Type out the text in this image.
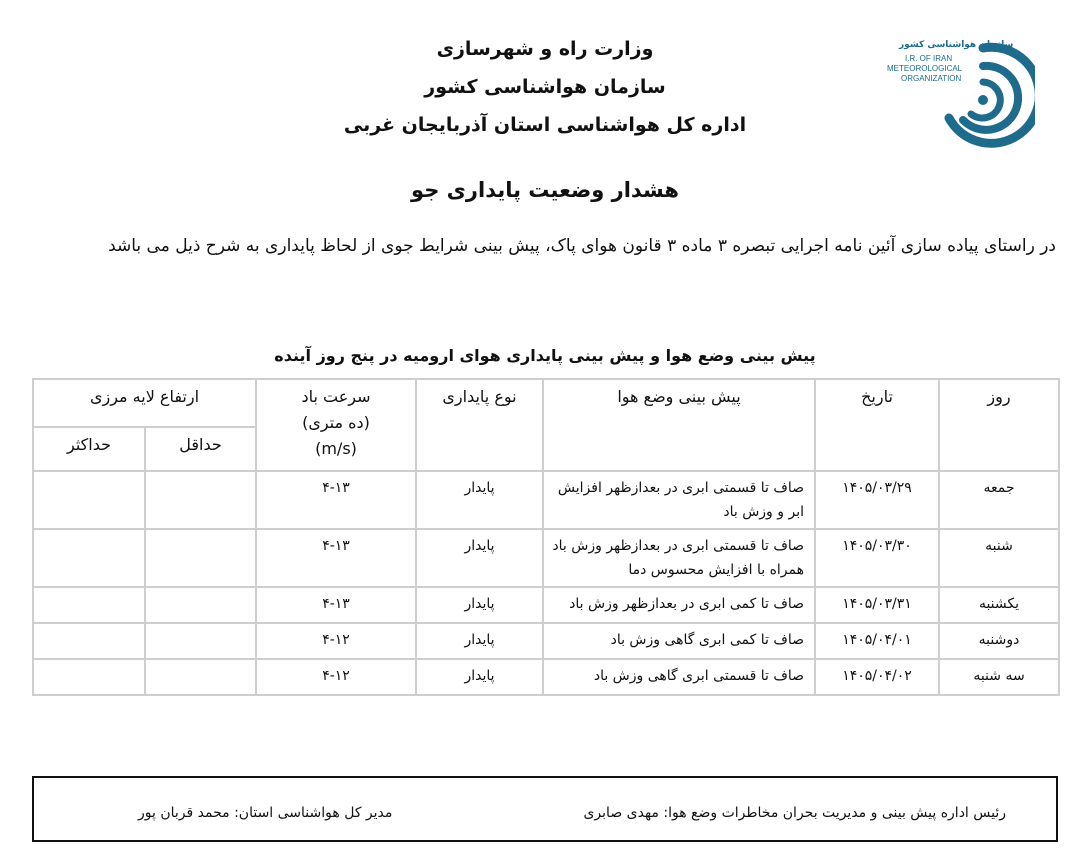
وزارت راه و شهرسازی
سازمان هواشناسی کشور
اداره کل هواشناسی استان آذربایجان غربی
سازمان هواشناسی کشور
I.R. OF IRAN
METEOROLOGICAL
ORGANIZATION
هشدار وضعیت پایداری جو
در راستای پیاده سازی آئین نامه اجرایی تبصره ۳ ماده ۳ قانون هوای پاک، پیش بینی شرایط جوی از لحاظ پایداری به شرح ذیل می باشد
پیش بینی وضع هوا و پیش بینی پایداری هوای ارومیه در پنج روز آینده
روز	تاریخ	پیش بینی وضع هوا	نوع پایداری	سرعت باد
(ده متری)
(m/s)	ارتفاع لایه مرزی	
					حداقل	حداکثر
جمعه	۱۴۰۵/۰۳/۲۹	صاف تا قسمتی ابری در بعدازظهر افزایش ابر و وزش باد	پایدار	۴-۱۳		
شنبه	۱۴۰۵/۰۳/۳۰	صاف تا قسمتی ابری در بعدازظهر وزش باد همراه با افزایش محسوس دما	پایدار	۴-۱۳		
یکشنبه	۱۴۰۵/۰۳/۳۱	صاف تا کمی ابری در بعدازظهر وزش باد	پایدار	۴-۱۳		
دوشنبه	۱۴۰۵/۰۴/۰۱	صاف تا کمی ابری گاهی وزش باد	پایدار	۴-۱۲		
سه شنبه	۱۴۰۵/۰۴/۰۲	صاف تا قسمتی ابری گاهی وزش باد	پایدار	۴-۱۲		
رئیس اداره پیش بینی و مدیریت بحران مخاطرات وضع هوا: مهدی صابری
مدیر کل هواشناسی استان: محمد قربان پور
